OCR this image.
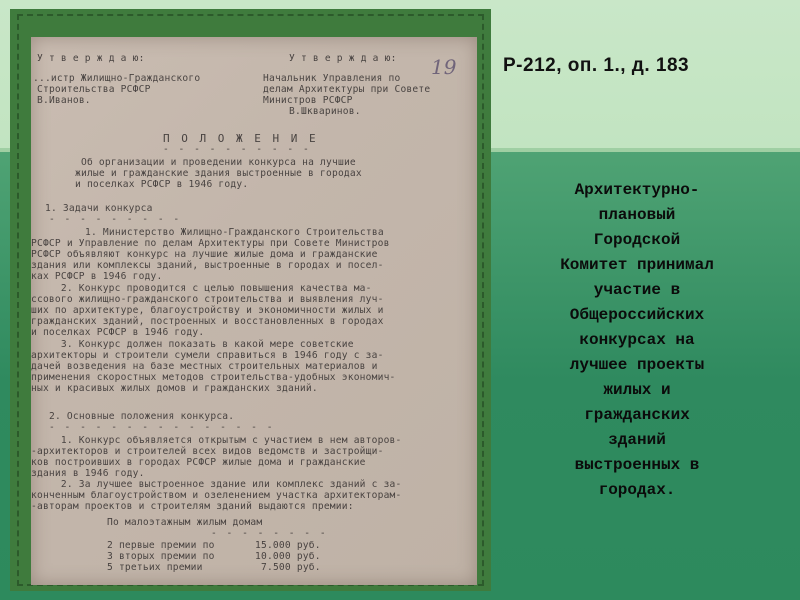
19
У т в е р ж д а ю:	У т в е р ж д а ю:
...истр Жилищно-Гражданского
Строительства РСФСР
В.Иванов.
Начальник Управления по
делам Архитектуры при Совете
Министров РСФСР
В.Шкваринов.
П О Л О Ж Е Н И Е
- - - - - - - - - -
Об организации и проведении конкурса на лучшие
жилые и гражданские здания выстроенные в городах
и поселках РСФСР в 1946 году.
1. Задачи конкурса
- - - - - - - - -
1. Министерство Жилищно-Гражданского Строительства
РСФСР и Управление по делам Архитектуры при Совете Министров
РСФСР объявляют конкурс на лучшие жилые дома и гражданские
здания или комплексы зданий, выстроенные в городах и посел-
ках РСФСР в 1946 году.
2. Конкурс проводится с целью повышения качества ма-
ссового жилищно-гражданского строительства и выявления луч-
ших по архитектуре, благоустройству и экономичности жилых и
гражданских зданий, построенных и восстановленных в городах
и поселках РСФСР в 1946 году.
3. Конкурс должен показать в какой мере советские
архитекторы и строители сумели справиться в 1946 году с за-
дачей возведения на базе местных строительных материалов и
применения скоростных методов строительства-удобных экономич-
ных и красивых жилых домов и гражданских зданий.
2. Основные положения конкурса.
- - - - - - - - - - - - - - -
1. Конкурс объявляется открытым с участием в нем авторов-
-архитекторов и строителей всех видов ведомств и застройщи-
ков построивших в городах РСФСР жилые дома и гражданские
здания в 1946 году.
2. За лучшее выстроенное здание или комплекс зданий с за-
конченным благоустройством и озеленением участка архитекторам-
-авторам проектов и строителям зданий выдаются премии:
По малоэтажным жилым домам
- - - - - - - -
2 первые премии по	15.000 руб.
3 вторых премии по	10.000 руб.
5 третьих премии	7.500 руб.
Р-212, оп. 1., д. 183
Архитектурно-
плановый
Городской
Комитет принимал
участие в
Общероссийских
конкурсах на
лучшее проекты
жилых и
гражданских
зданий
выстроенных в
городах.
